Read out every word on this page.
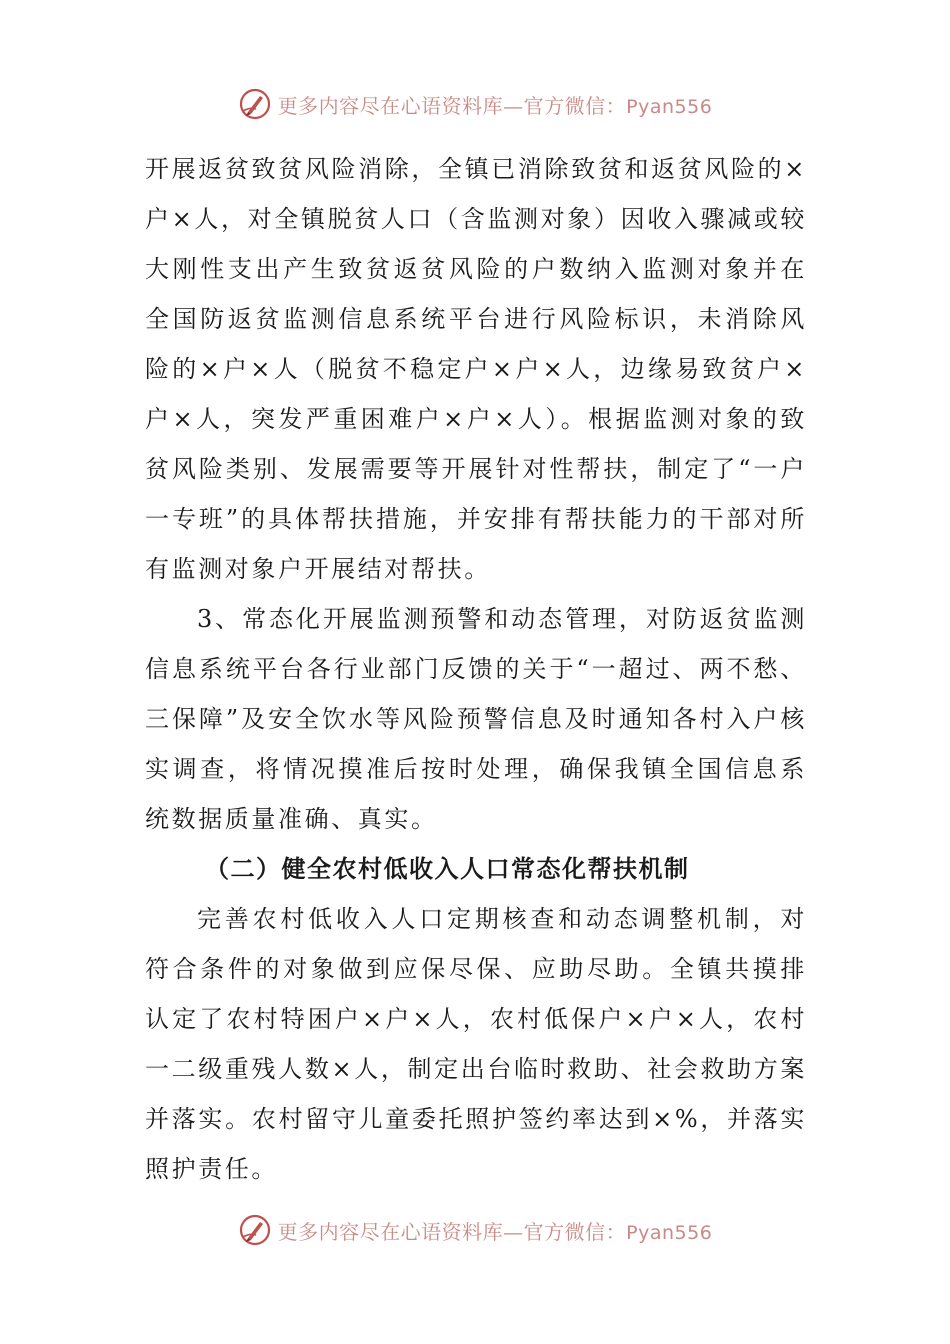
更多内容尽在心语资料库—官方微信：Pyan556

开展返贫致贫风险消除，全镇已消除致贫和返贫风险的×户×人，对全镇脱贫人口（含监测对象）因收入骤减或较大刚性支出产生致贫返贫风险的户数纳入监测对象并在全国防返贫监测信息系统平台进行风险标识，未消除风险的×户×人（脱贫不稳定户×户×人，边缘易致贫户×户×人，突发严重困难户×户×人）。根据监测对象的致贫风险类别、发展需要等开展针对性帮扶，制定了“一户一专班”的具体帮扶措施，并安排有帮扶能力的干部对所有监测对象户开展结对帮扶。

3、常态化开展监测预警和动态管理，对防返贫监测信息系统平台各行业部门反馈的关于“一超过、两不愁、三保障”及安全饮水等风险预警信息及时通知各村入户核实调查，将情况摸准后按时处理，确保我镇全国信息系统数据质量准确、真实。

（二）健全农村低收入人口常态化帮扶机制

完善农村低收入人口定期核查和动态调整机制，对符合条件的对象做到应保尽保、应助尽助。全镇共摸排认定了农村特困户×户×人，农村低保户×户×人，农村一二级重残人数×人，制定出台临时救助、社会救助方案并落实。农村留守儿童委托照护签约率达到×%，并落实照护责任。

更多内容尽在心语资料库—官方微信：Pyan556
